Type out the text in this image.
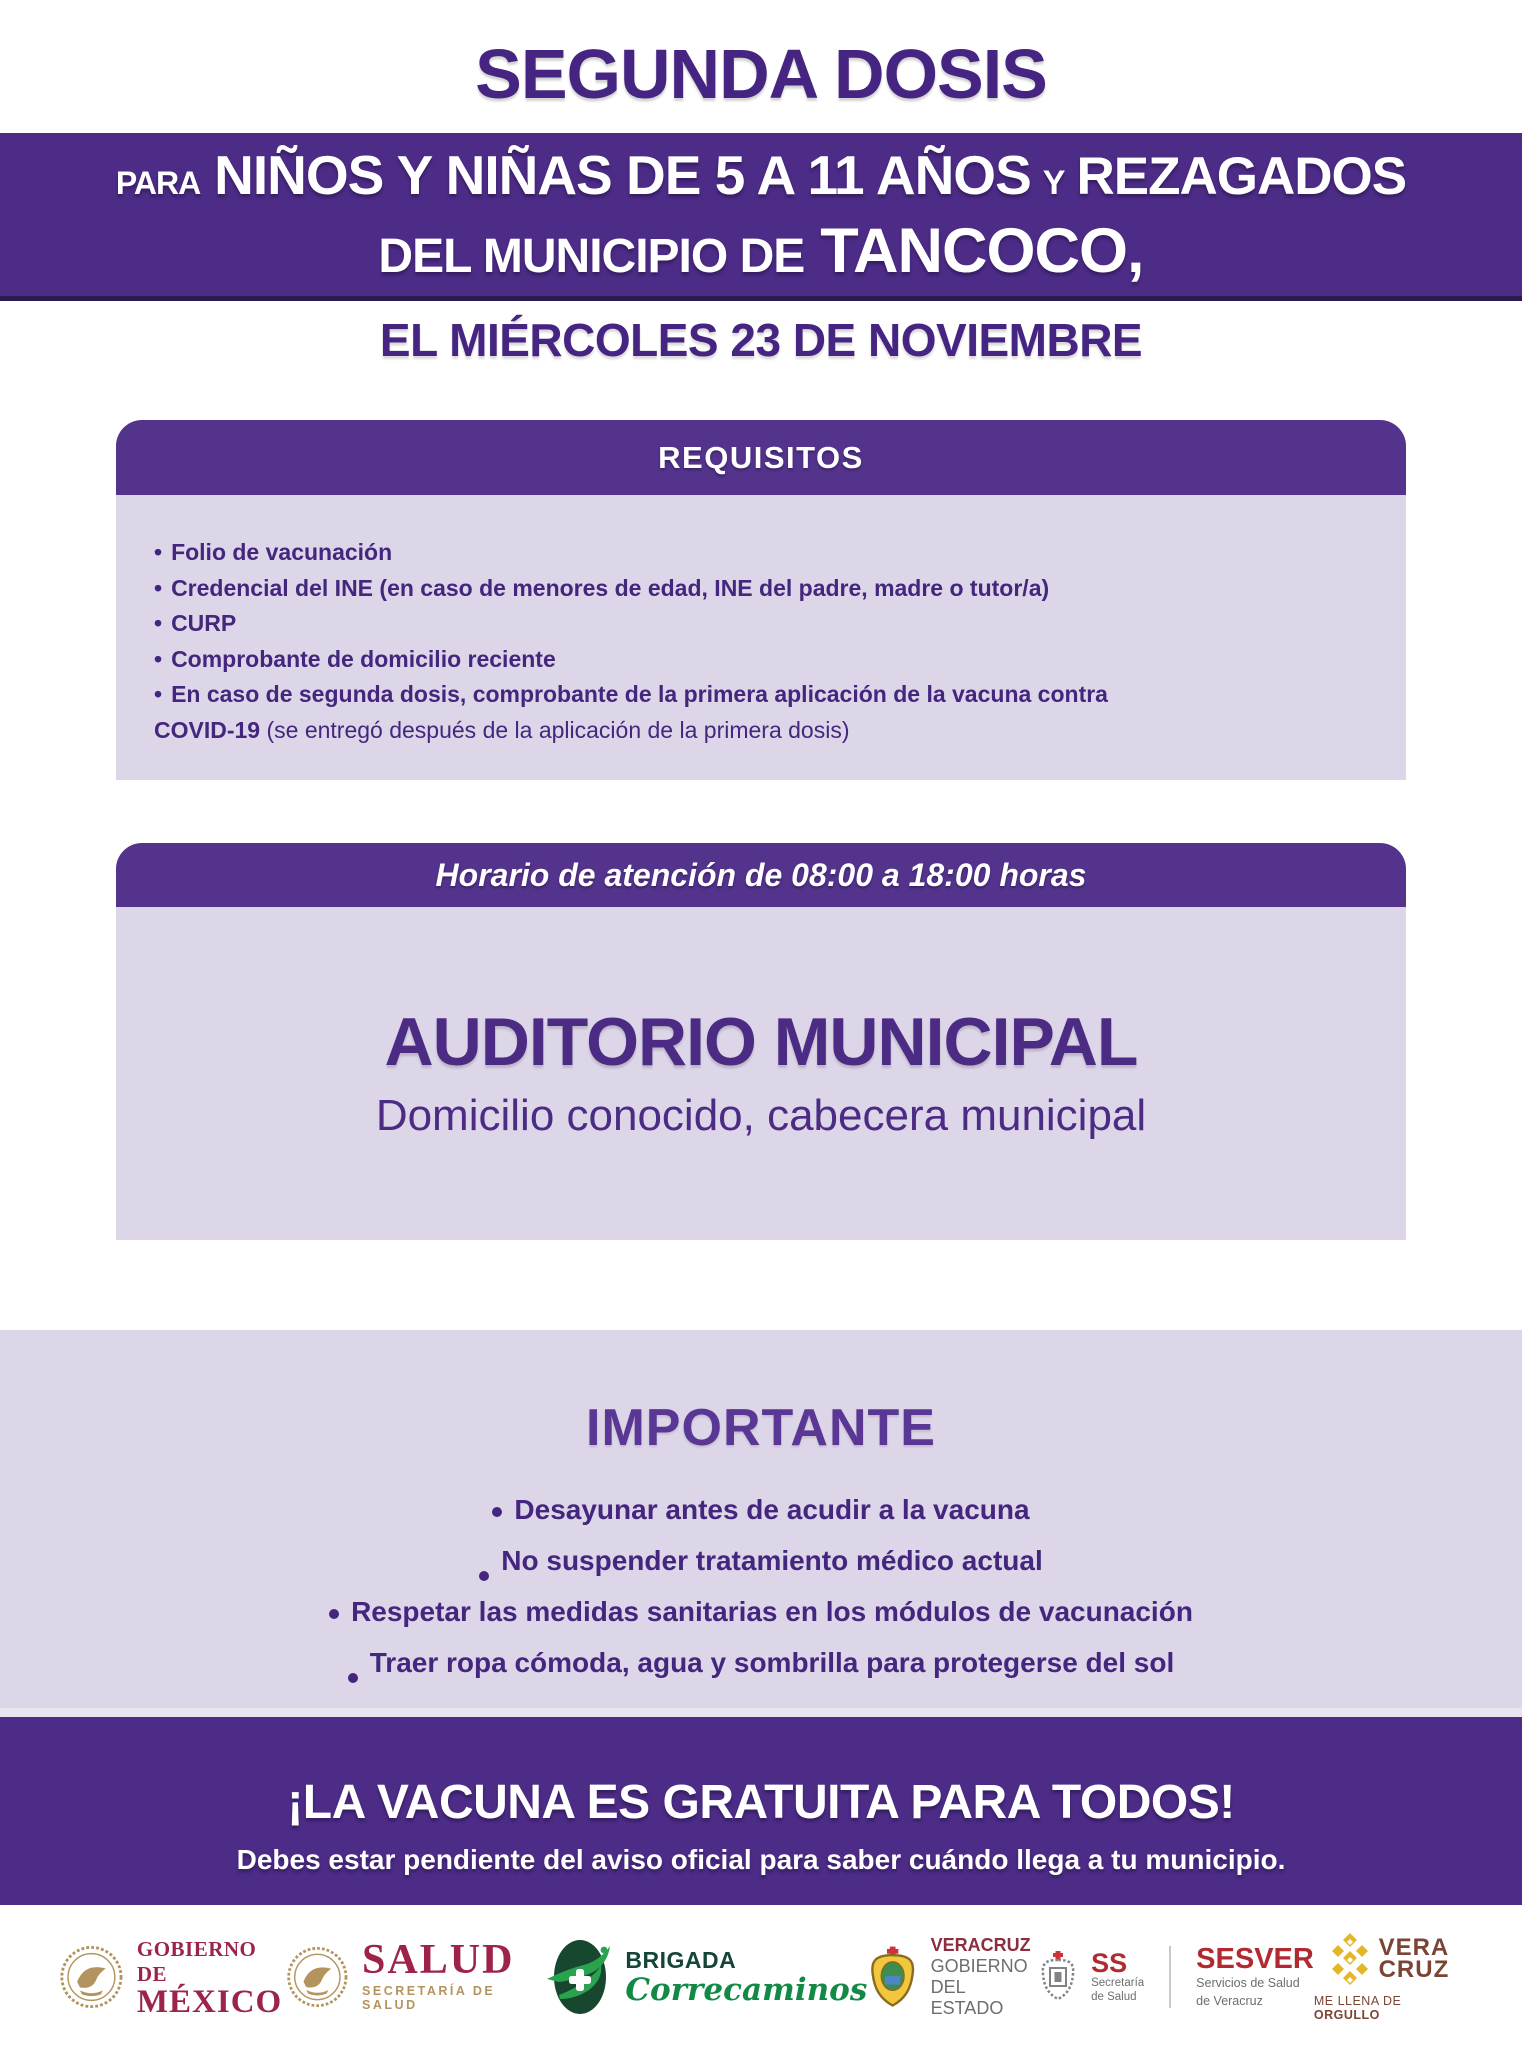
SEGUNDA DOSIS
PARA NIÑOS Y NIÑAS DE 5 A 11 AÑOS Y REZAGADOS
DEL MUNICIPIO DE TANCOCO,
EL MIÉRCOLES 23 DE NOVIEMBRE
REQUISITOS
• Folio de vacunación
• Credencial del INE (en caso de menores de edad, INE del padre, madre o tutor/a)
• CURP
• Comprobante de domicilio reciente
• En caso de segunda dosis, comprobante de la primera aplicación de la vacuna contra
COVID-19 (se entregó después de la aplicación de la primera dosis)
Horario de atención de 08:00 a 18:00 horas
AUDITORIO MUNICIPAL
Domicilio conocido, cabecera municipal
IMPORTANTE
Desayunar antes de acudir a la vacuna
No suspender tratamiento médico actual
Respetar las medidas sanitarias en los módulos de vacunación
Traer ropa cómoda, agua y sombrilla para protegerse del sol
¡LA VACUNA ES GRATUITA PARA TODOS!
Debes estar pendiente del aviso oficial para saber cuándo llega a tu municipio.
GOBIERNO DE
MÉXICO
SALUD
SECRETARÍA DE SALUD
BRIGADA
Correcaminos
VERACRUZ
GOBIERNO
DEL ESTADO
SS
Secretaría
de Salud
SESVER
Servicios de Salud
de Veracruz
VERA
CRUZ
ME LLENA DE ORGULLO
